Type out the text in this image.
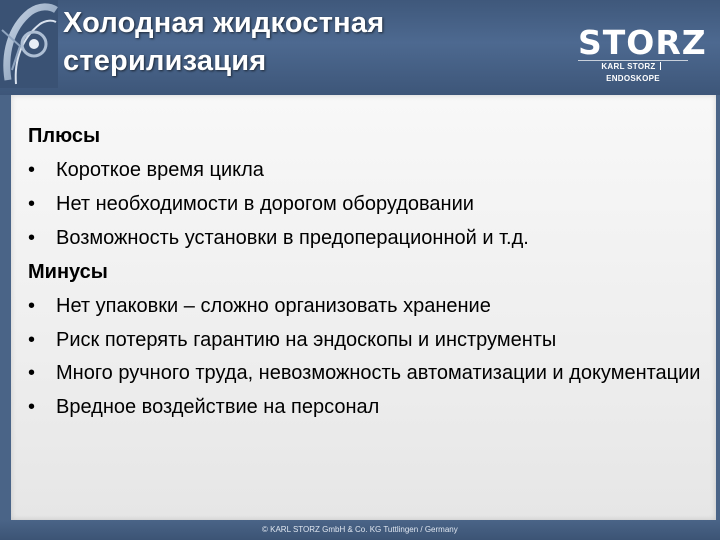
Холодная жидкостная
стерилизация	STORZ
KARL STORZENDOSKOPE
Плюсы
• Короткое время цикла
• Нет необходимости в дорогом оборудовании
• Возможность установки в предоперационной и т.д.
Минусы
• Нет упаковки – сложно организовать хранение
• Риск потерять гарантию на эндоскопы и инструменты
• Много ручного труда, невозможность автоматизации и документации
• Вредное воздействие на персонал
© KARL STORZ GmbH & Co. KG Tuttlingen / Germany
